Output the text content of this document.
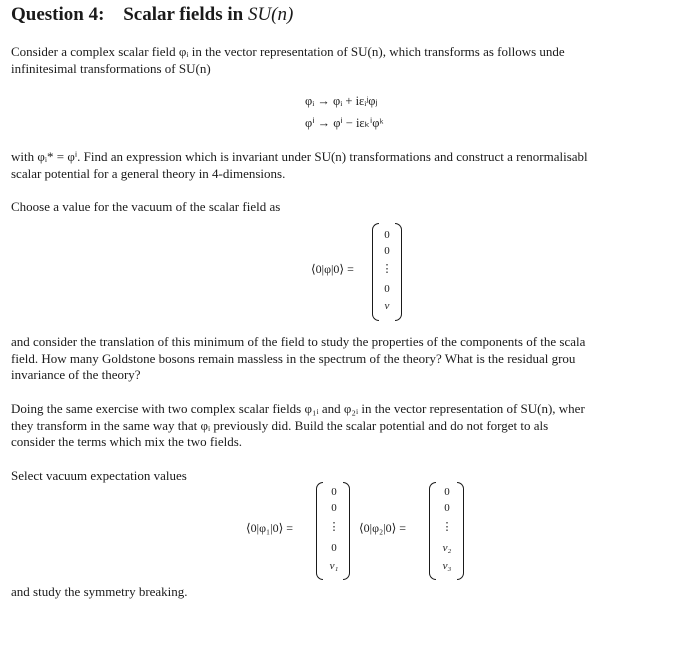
Question 4: Scalar fields in SU(n)
Consider a complex scalar field φᵢ in the vector representation of SU(n), which transforms as follows unde
infinitesimal transformations of SU(n)
φᵢ → φᵢ + iεᵢʲφⱼ
φⁱ → φⁱ − iεₖⁱφᵏ
with φᵢ* = φⁱ. Find an expression which is invariant under SU(n) transformations and construct a renormalisabl
scalar potential for a general theory in 4-dimensions.
Choose a value for the vacuum of the scalar field as
⟨0|φ|0⟩ =
0
0
⋮
0
v
and consider the translation of this minimum of the field to study the properties of the components of the scala
field. How many Goldstone bosons remain massless in the spectrum of the theory? What is the residual grou
invariance of the theory?
Doing the same exercise with two complex scalar fields φ₁ᵢ and φ₂ᵢ in the vector representation of SU(n), wher
they transform in the same way that φᵢ previously did. Build the scalar potential and do not forget to als
consider the terms which mix the two fields.
Select vacuum expectation values
⟨0|φ₁|0⟩ =
0
0
⋮
0
v₁
⟨0|φ₂|0⟩ =
0
0
⋮
v₂
v₃
and study the symmetry breaking.
